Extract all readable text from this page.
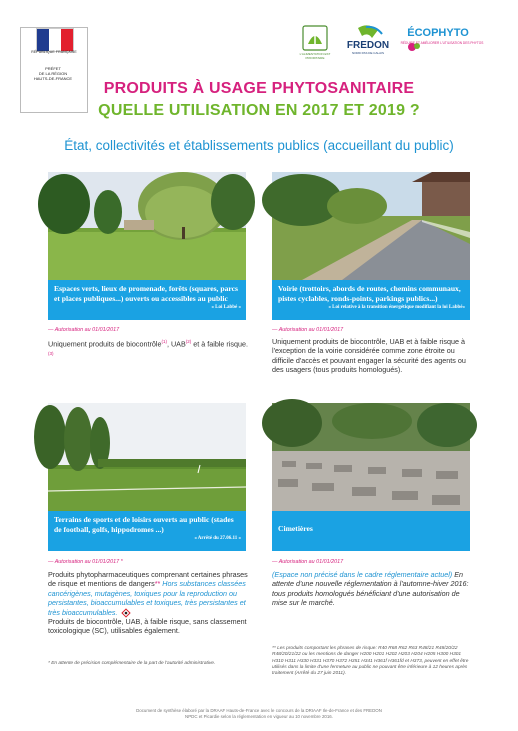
RÉPUBLIQUE FRANÇAISE
PRÉFET
DE LA RÉGION
HAUTS-DE-FRANCE
L'ALIMENTATION EST PRIORITAIRE
FREDON
NORD PAS DE CALAIS
ÉCOPHYTO
RÉDUIRE ET AMÉLIORER L'UTILISATION DES PHYTOS
PRODUITS À USAGE PHYTOSANITAIRE
QUELLE UTILISATION EN 2017 ET 2019 ?
État, collectivités et établissements publics (accueillant du public)
Espaces verts, lieux de promenade, forêts (squares, parcs et places publiques...) ouverts ou accessibles au public
« Loi Labbé »
— Autorisation au 01/01/2017
Uniquement produits de biocontrôle$^{(1)}$, UAB$^{(2)}$ et à faible risque.$^{(3)}$
Voirie (trottoirs, abords de routes, chemins communaux, pistes cyclables, ronds-points, parkings publics...)
« Loi relative à la transition énergétique modifiant la loi Labbé»
— Autorisation au 01/01/2017
Uniquement produits de biocontrôle, UAB et à faible risque à l'exception de la voirie considérée comme zone étroite ou difficile d'accès et pouvant engager la sécurité des agents ou des usagers (tous produits homologués).
Terrains de sports et de loisirs ouverts au public (stades de football, golfs, hippodromes ...)
« Arrêté du 27.06.11 »
— Autorisation au 01/01/2017 *
Produits phytopharmaceutiques comprenant certaines phrases de risque et mentions de dangers** Hors substances classées cancérigènes, mutagènes, toxiques pour la reproduction ou persistantes, bioaccumulables et toxiques, très persistantes et très bioaccumulables.
Produits de biocontrôle, UAB, à faible risque, sans classement toxicologique (SC), utilisables également.
Cimetières
— Autorisation au 01/01/2017
(Espace non précisé dans le cadre réglementaire actuel) En attente d'une nouvelle réglementation à l'automne-hiver 2016: tous produits homologués bénéficiant d'une autorisation de mise sur le marché.
* En attente de précision complémentaire de la part de l'autorité administrative.
** Les produits comportant les phrases de risque: R40 R68 R62 R63 R48/21 R48/20/22 R48/20/21/22 ou les mentions de danger H200 H201 H202 H203 H204 H205 H300 H301 H310 H311 H330 H331 H370 H372 H351 H341 H361f H361fd et H373, peuvent en effet être utilisés dans la limite d'une fermeture au public ne pouvant être inférieure à 12 heures après traitement (Arrêté du 27 juin 2011).
Document de synthèse élaboré par la DRAAF Hauts-de-France avec le concours de la DRIAAF Ile-de-France et des FREDON NPDC et Picardie selon la réglementation en vigueur au 10 novembre 2016.
